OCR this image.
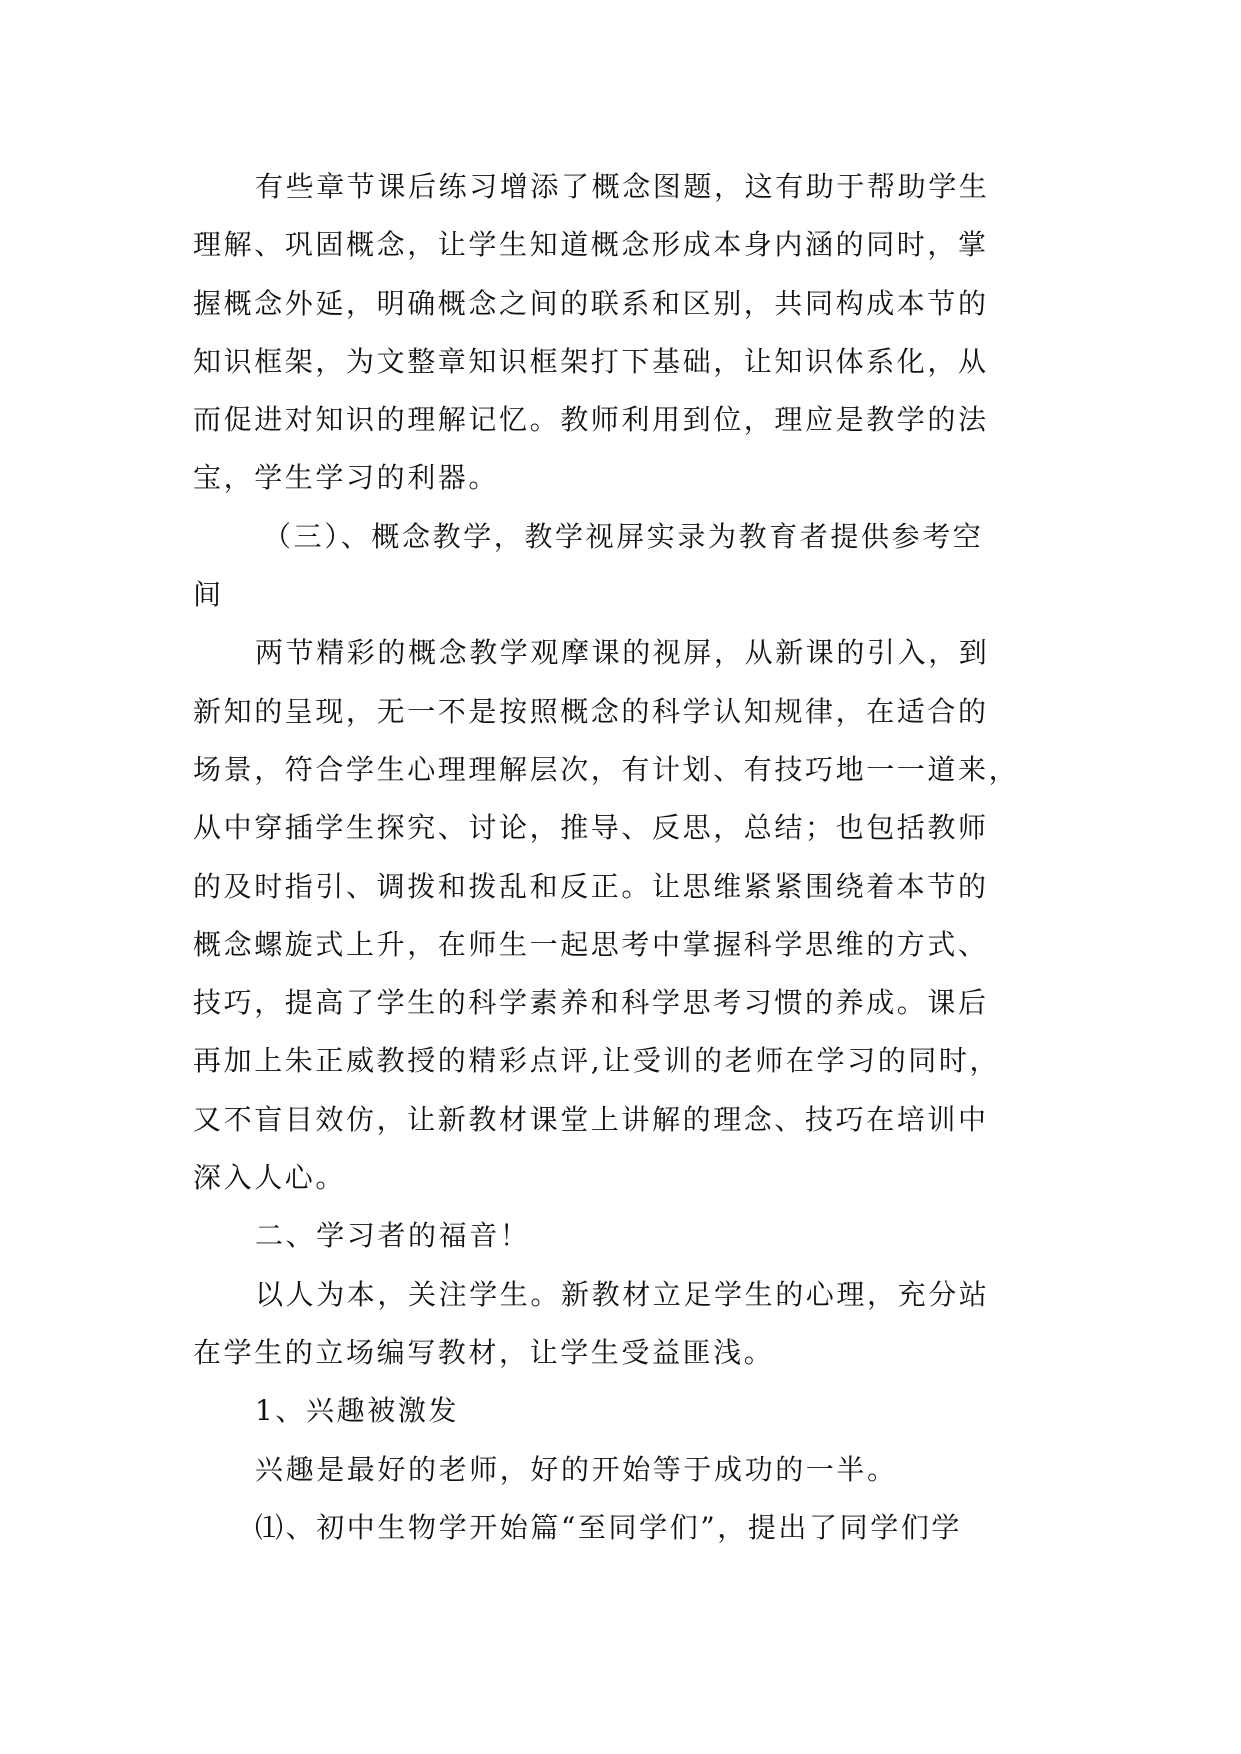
有些章节课后练习增添了概念图题，这有助于帮助学生
理解、巩固概念，让学生知道概念形成本身内涵的同时，掌
握概念外延，明确概念之间的联系和区别，共同构成本节的
知识框架，为文整章知识框架打下基础，让知识体系化，从
而促进对知识的理解记忆。教师利用到位，理应是教学的法
宝，学生学习的利器。
（三）、概念教学，教学视屏实录为教育者提供参考空
间
两节精彩的概念教学观摩课的视屏，从新课的引入，到
新知的呈现，无一不是按照概念的科学认知规律，在适合的
场景，符合学生心理理解层次，有计划、有技巧地一一道来，
从中穿插学生探究、讨论，推导、反思，总结；也包括教师
的及时指引、调拨和拨乱和反正。让思维紧紧围绕着本节的
概念螺旋式上升，在师生一起思考中掌握科学思维的方式、
技巧，提高了学生的科学素养和科学思考习惯的养成。课后
再加上朱正威教授的精彩点评,让受训的老师在学习的同时，
又不盲目效仿，让新教材课堂上讲解的理念、技巧在培训中
深入人心。
二、学习者的福音！
以人为本，关注学生。新教材立足学生的心理，充分站
在学生的立场编写教材，让学生受益匪浅。
1、兴趣被激发
兴趣是最好的老师，好的开始等于成功的一半。
⑴、初中生物学开始篇“至同学们”，提出了同学们学
